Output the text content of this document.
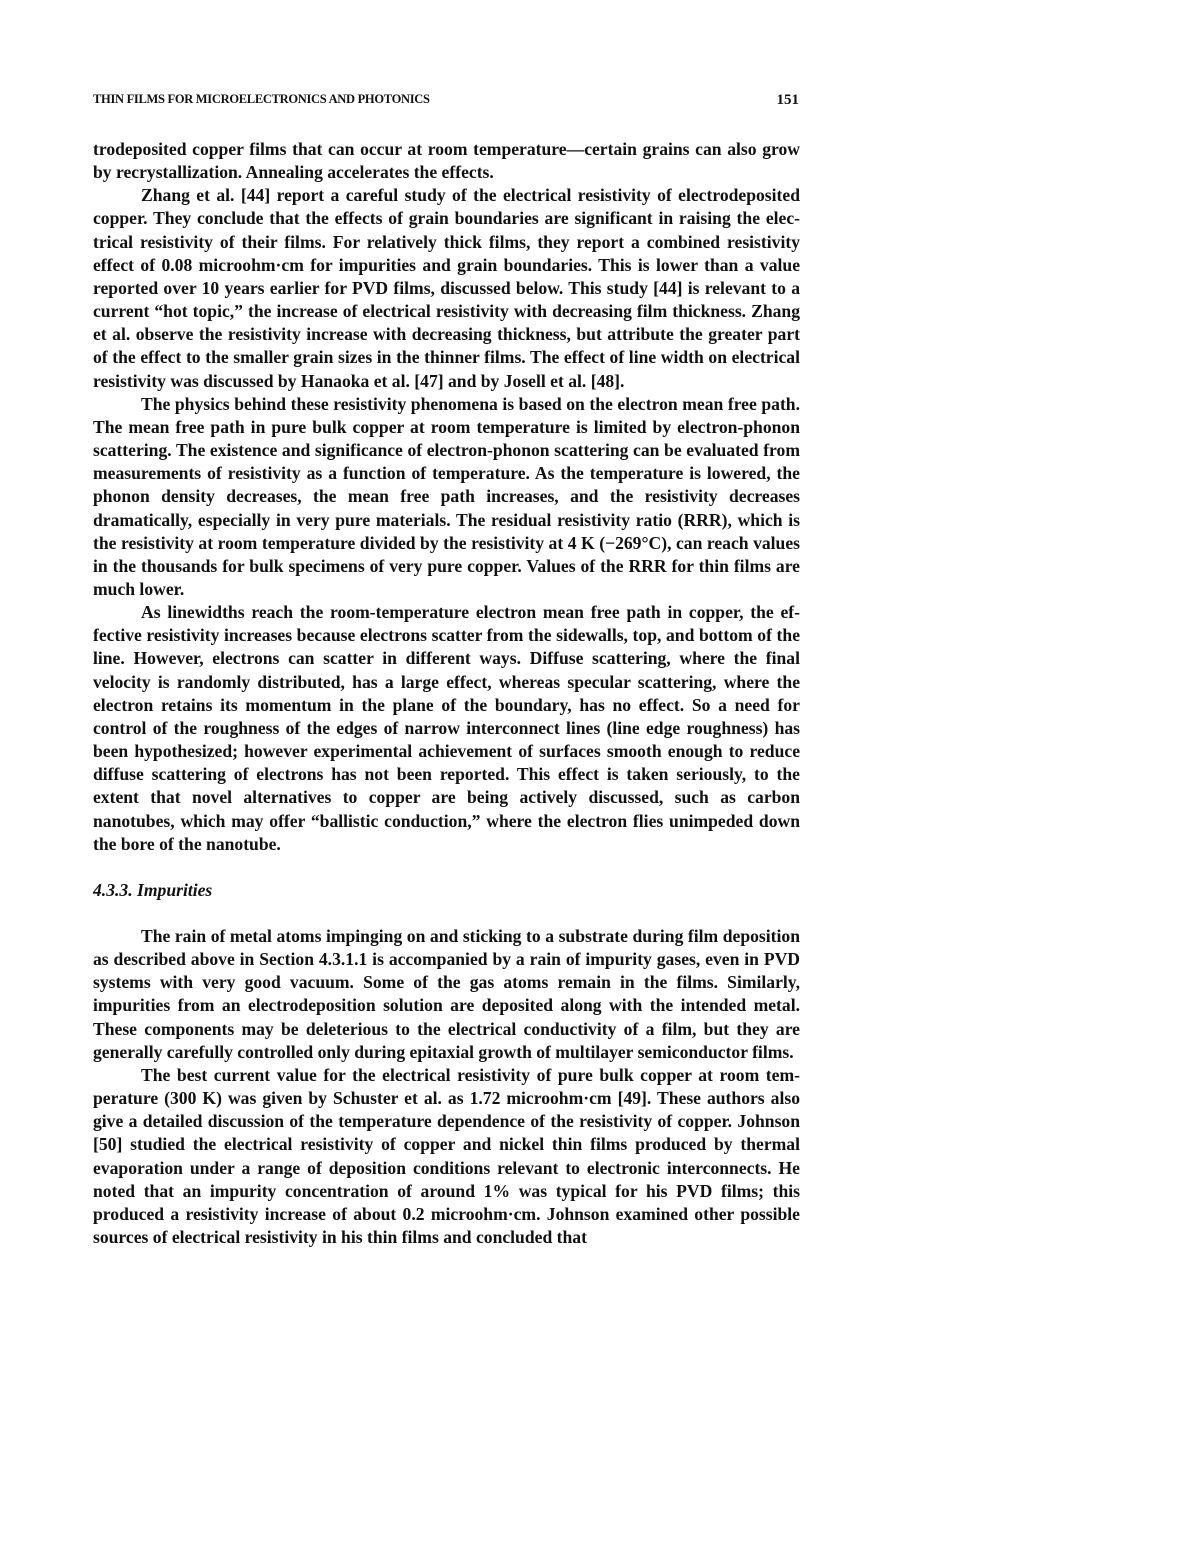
THIN FILMS FOR MICROELECTRONICS AND PHOTONICS	151

trodeposited copper films that can occur at room temperature—certain grains can also grow by recrystallization. Annealing accelerates the effects.

Zhang et al. [44] report a careful study of the electrical resistivity of electrodeposited copper. They conclude that the effects of grain boundaries are significant in raising the electrical resistivity of their films. For relatively thick films, they report a combined resistivity effect of 0.08 microohm·cm for impurities and grain boundaries. This is lower than a value reported over 10 years earlier for PVD films, discussed below. This study [44] is relevant to a current “hot topic,” the increase of electrical resistivity with decreasing film thickness. Zhang et al. observe the resistivity increase with decreasing thickness, but attribute the greater part of the effect to the smaller grain sizes in the thinner films. The effect of line width on electrical resistivity was discussed by Hanaoka et al. [47] and by Josell et al. [48].

The physics behind these resistivity phenomena is based on the electron mean free path. The mean free path in pure bulk copper at room temperature is limited by electron-phonon scattering. The existence and significance of electron-phonon scattering can be evaluated from measurements of resistivity as a function of temperature. As the temperature is lowered, the phonon density decreases, the mean free path increases, and the resistivity decreases dramatically, especially in very pure materials. The residual resistivity ratio (RRR), which is the resistivity at room temperature divided by the resistivity at 4 K (−269°C), can reach values in the thousands for bulk specimens of very pure copper. Values of the RRR for thin films are much lower.

As linewidths reach the room-temperature electron mean free path in copper, the effective resistivity increases because electrons scatter from the sidewalls, top, and bottom of the line. However, electrons can scatter in different ways. Diffuse scattering, where the final velocity is randomly distributed, has a large effect, whereas specular scattering, where the electron retains its momentum in the plane of the boundary, has no effect. So a need for control of the roughness of the edges of narrow interconnect lines (line edge roughness) has been hypothesized; however experimental achievement of surfaces smooth enough to reduce diffuse scattering of electrons has not been reported. This effect is taken seriously, to the extent that novel alternatives to copper are being actively discussed, such as carbon nanotubes, which may offer “ballistic conduction,” where the electron flies unimpeded down the bore of the nanotube.

4.3.3. Impurities

The rain of metal atoms impinging on and sticking to a substrate during film deposition as described above in Section 4.3.1.1 is accompanied by a rain of impurity gases, even in PVD systems with very good vacuum. Some of the gas atoms remain in the films. Similarly, impurities from an electrodeposition solution are deposited along with the intended metal. These components may be deleterious to the electrical conductivity of a film, but they are generally carefully controlled only during epitaxial growth of multilayer semiconductor films.

The best current value for the electrical resistivity of pure bulk copper at room temperature (300 K) was given by Schuster et al. as 1.72 microohm·cm [49]. These authors also give a detailed discussion of the temperature dependence of the resistivity of copper. Johnson [50] studied the electrical resistivity of copper and nickel thin films produced by thermal evaporation under a range of deposition conditions relevant to electronic interconnects. He noted that an impurity concentration of around 1% was typical for his PVD films; this produced a resistivity increase of about 0.2 microohm·cm. Johnson examined other possible sources of electrical resistivity in his thin films and concluded that
